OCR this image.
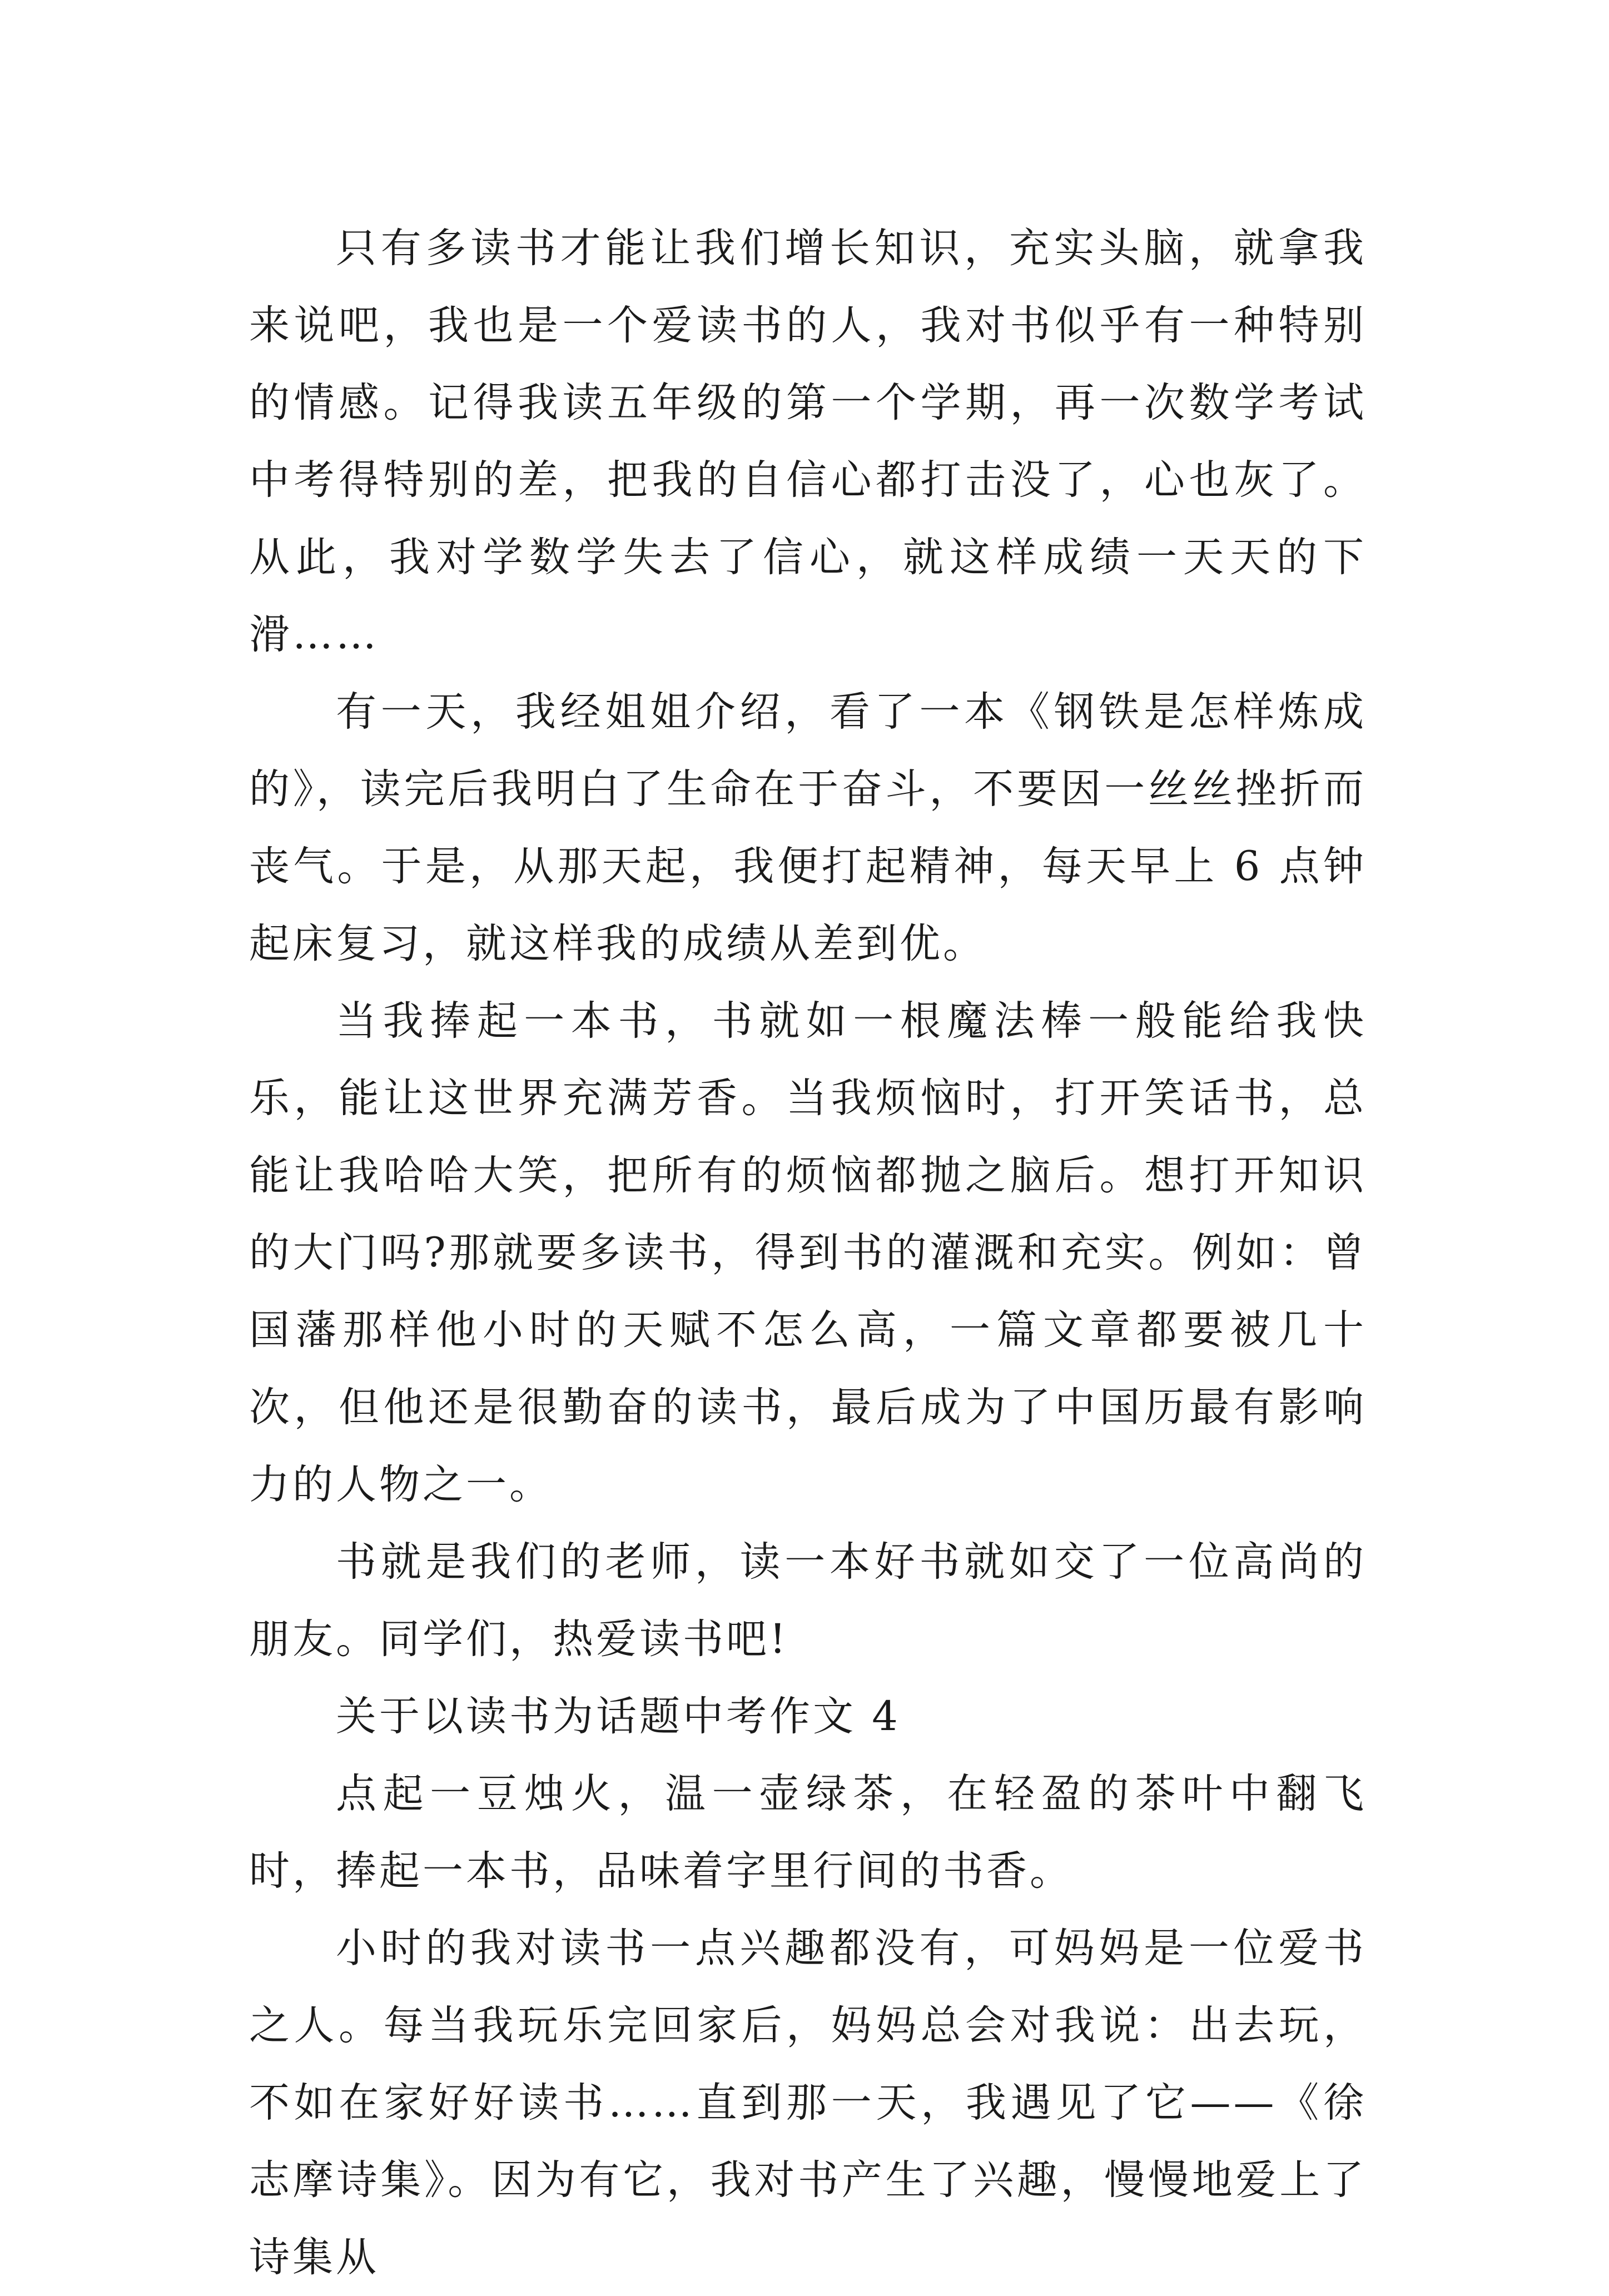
只有多读书才能让我们增长知识，充实头脑，就拿我来说吧，我也是一个爱读书的人，我对书似乎有一种特别的情感。记得我读五年级的第一个学期，再一次数学考试中考得特别的差，把我的自信心都打击没了，心也灰了。从此，我对学数学失去了信心，就这样成绩一天天的下滑……

有一天，我经姐姐介绍，看了一本《钢铁是怎样炼成的》，读完后我明白了生命在于奋斗，不要因一丝丝挫折而丧气。于是，从那天起，我便打起精神，每天早上 6 点钟起床复习，就这样我的成绩从差到优。

当我捧起一本书，书就如一根魔法棒一般能给我快乐，能让这世界充满芳香。当我烦恼时，打开笑话书，总能让我哈哈大笑，把所有的烦恼都抛之脑后。想打开知识的大门吗?那就要多读书，得到书的灌溉和充实。例如：曾国藩那样他小时的天赋不怎么高，一篇文章都要被几十次，但他还是很勤奋的读书，最后成为了中国历最有影响力的人物之一。

书就是我们的老师，读一本好书就如交了一位高尚的朋友。同学们，热爱读书吧!

关于以读书为话题中考作文 4

点起一豆烛火，温一壶绿茶，在轻盈的茶叶中翻飞时，捧起一本书，品味着字里行间的书香。

小时的我对读书一点兴趣都没有，可妈妈是一位爱书之人。每当我玩乐完回家后，妈妈总会对我说：出去玩，不如在家好好读书……直到那一天，我遇见了它——《徐志摩诗集》。因为有它，我对书产生了兴趣，慢慢地爱上了诗集从
